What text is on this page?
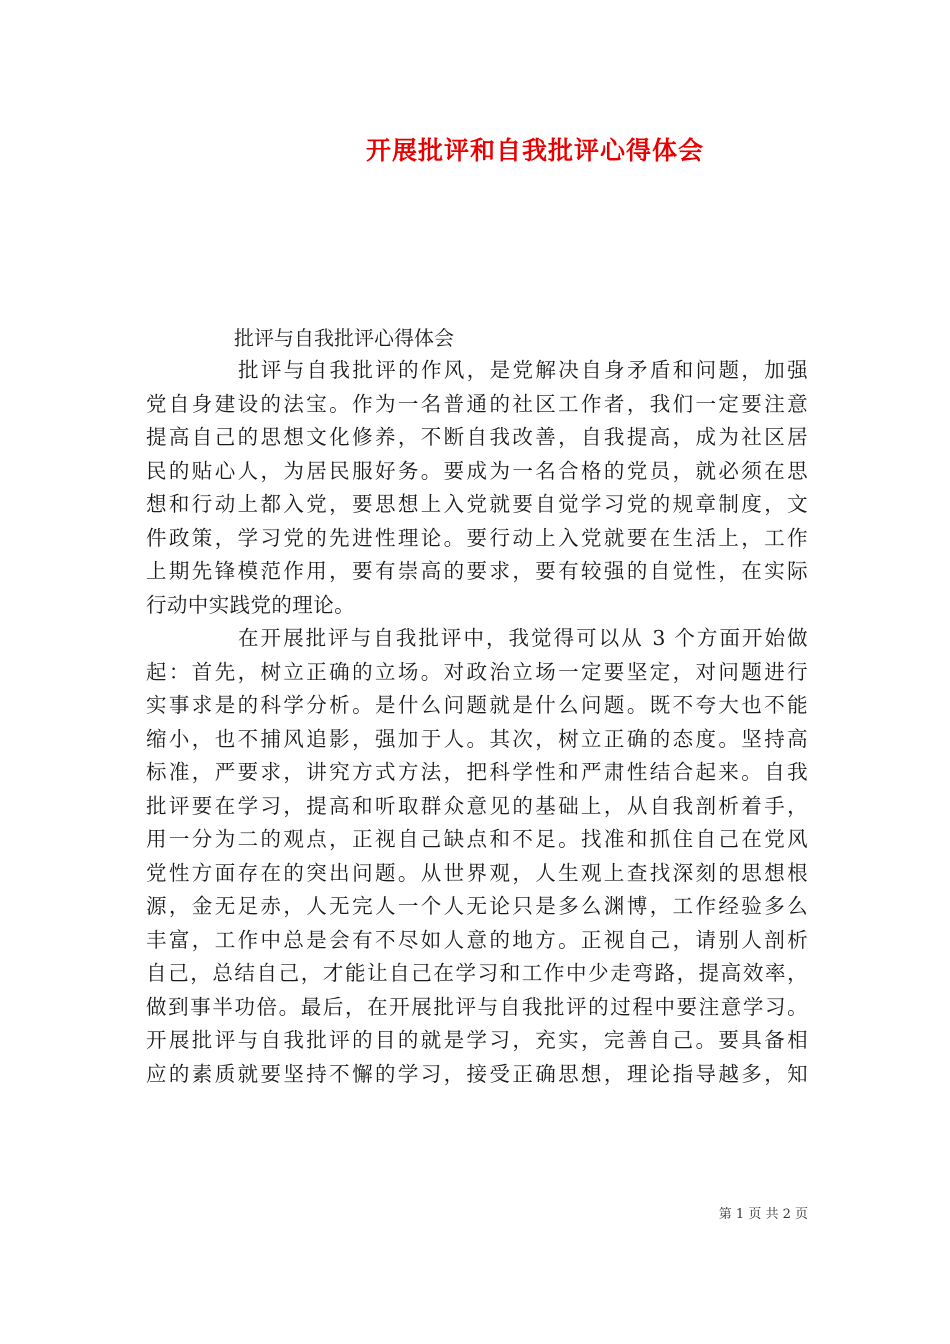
开展批评和自我批评心得体会

批评与自我批评心得体会

批评与自我批评的作风，是党解决自身矛盾和问题，加强
党自身建设的法宝。作为一名普通的社区工作者，我们一定要注意
提高自己的思想文化修养，不断自我改善，自我提高，成为社区居
民的贴心人，为居民服好务。要成为一名合格的党员，就必须在思
想和行动上都入党，要思想上入党就要自觉学习党的规章制度，文
件政策，学习党的先进性理论。要行动上入党就要在生活上，工作
上期先锋模范作用，要有崇高的要求，要有较强的自觉性，在实际
行动中实践党的理论。

在开展批评与自我批评中，我觉得可以从 3 个方面开始做
起：首先，树立正确的立场。对政治立场一定要坚定，对问题进行
实事求是的科学分析。是什么问题就是什么问题。既不夸大也不能
缩小，也不捕风追影，强加于人。其次，树立正确的态度。坚持高
标准，严要求，讲究方式方法，把科学性和严肃性结合起来。自我
批评要在学习，提高和听取群众意见的基础上，从自我剖析着手，
用一分为二的观点，正视自己缺点和不足。找准和抓住自己在党风
党性方面存在的突出问题。从世界观，人生观上查找深刻的思想根
源，金无足赤，人无完人一个人无论只是多么渊博，工作经验多么
丰富，工作中总是会有不尽如人意的地方。正视自己，请别人剖析
自己，总结自己，才能让自己在学习和工作中少走弯路，提高效率，
做到事半功倍。最后，在开展批评与自我批评的过程中要注意学习。
开展批评与自我批评的目的就是学习，充实，完善自己。要具备相
应的素质就要坚持不懈的学习，接受正确思想，理论指导越多，知

第 1 页 共 2 页
